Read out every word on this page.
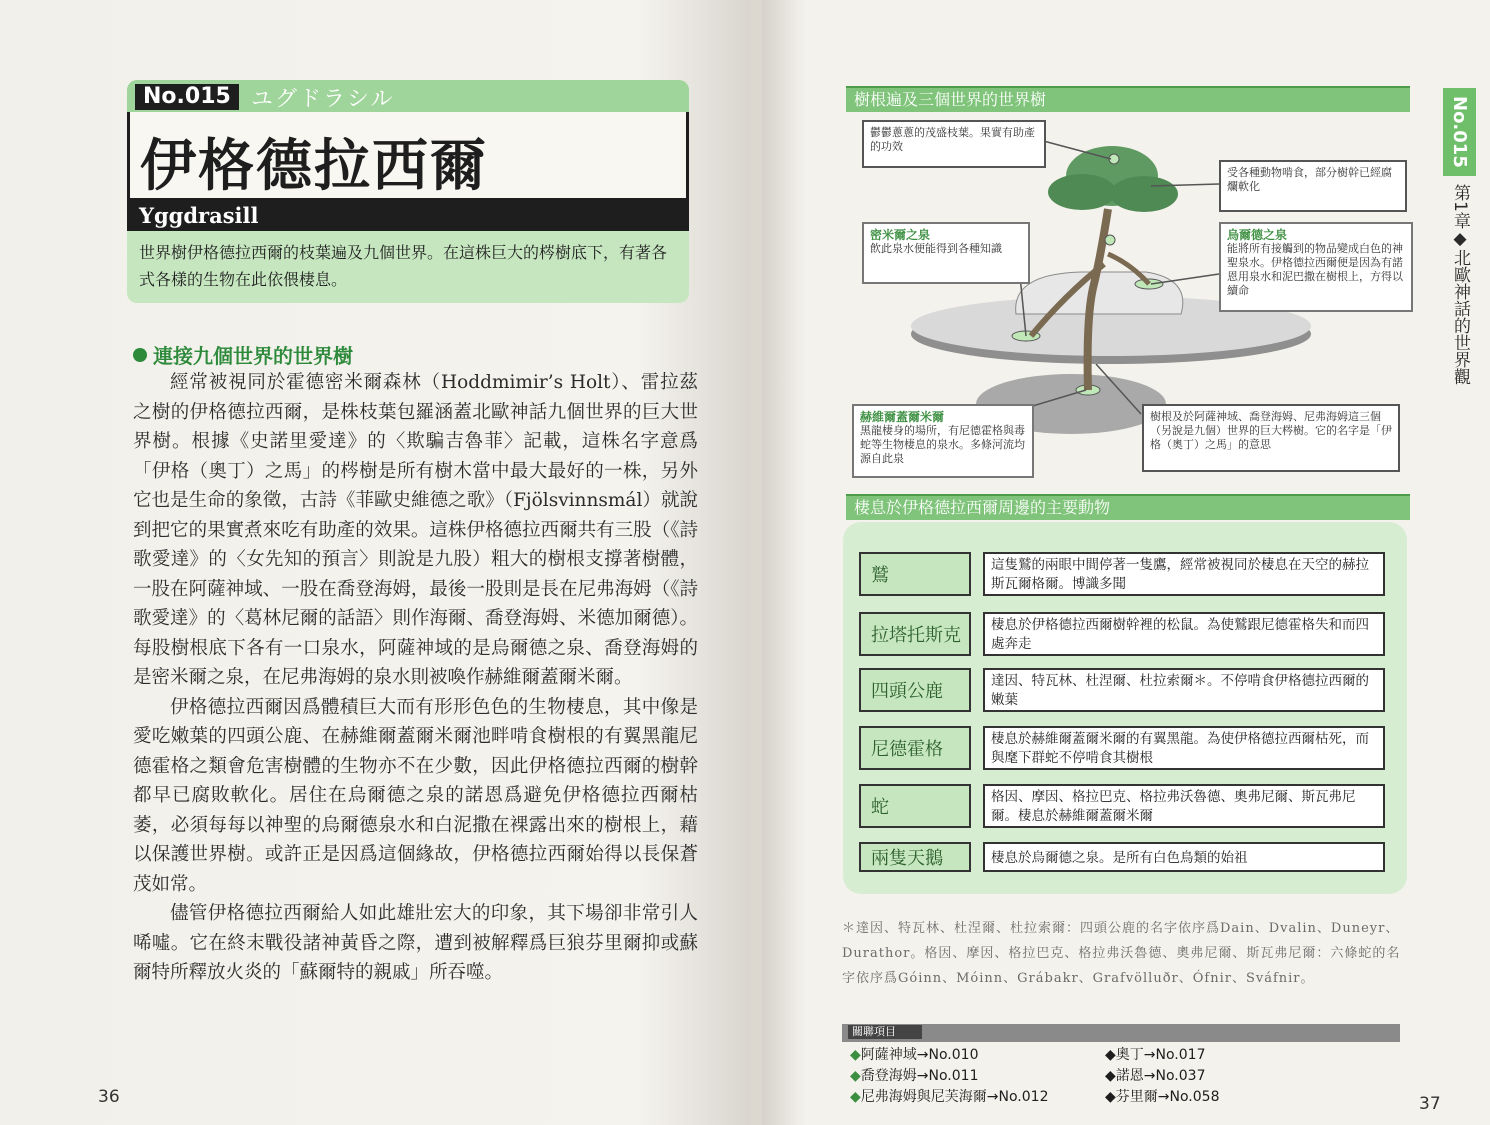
No.015 ユグドラシル
伊格德拉西爾
Yggdrasill
世界樹伊格德拉西爾的枝葉遍及九個世界。在這株巨大的梣樹底下，有著各式各樣的生物在此依偎棲息。
連接九個世界的世界樹

經常被視同於霍德密米爾森林（Hoddmimir’s Holt）、雷拉茲之樹的伊格德拉西爾，是株枝葉包羅涵蓋北歐神話九個世界的巨大世界樹。根據《史諾里愛達》的〈欺騙吉魯菲〉記載，這株名字意爲「伊格（奧丁）之馬」的梣樹是所有樹木當中最大最好的一株，另外它也是生命的象徵，古詩《菲歐史維德之歌》（Fjölsvinnsmál）就說到把它的果實煮來吃有助產的效果。這株伊格德拉西爾共有三股（《詩歌愛達》的〈女先知的預言〉則說是九股）粗大的樹根支撐著樹體，一股在阿薩神域、一股在喬登海姆，最後一股則是長在尼弗海姆（《詩歌愛達》的〈葛林尼爾的話語〉則作海爾、喬登海姆、米德加爾德）。每股樹根底下各有一口泉水，阿薩神域的是烏爾德之泉、喬登海姆的是密米爾之泉，在尼弗海姆的泉水則被喚作赫維爾蓋爾米爾。

伊格德拉西爾因爲體積巨大而有形形色色的生物棲息，其中像是愛吃嫩葉的四頭公鹿、在赫維爾蓋爾米爾池畔啃食樹根的有翼黑龍尼德霍格之類會危害樹體的生物亦不在少數，因此伊格德拉西爾的樹幹都早已腐敗軟化。居住在烏爾德之泉的諾恩爲避免伊格德拉西爾枯萎，必須每每以神聖的烏爾德泉水和白泥撒在裸露出來的樹根上，藉以保護世界樹。或許正是因爲這個緣故，伊格德拉西爾始得以長保蒼茂如常。

儘管伊格德拉西爾給人如此雄壯宏大的印象，其下場卻非常引人唏噓。它在終末戰役諸神黃昏之際，遭到被解釋爲巨狼芬里爾抑或蘇爾特所釋放火炎的「蘇爾特的親戚」所吞噬。

36
樹根遍及三個世界的世界樹
鬱鬱蔥蔥的茂盛枝葉。果實有助產的功效
受各種動物啃食，部分樹幹已經腐爛軟化
密米爾之泉
飲此泉水便能得到各種知識
烏爾德之泉
能將所有接觸到的物品變成白色的神聖泉水。伊格德拉西爾便是因為有諾恩用泉水和泥巴撒在樹根上，方得以續命
赫維爾蓋爾米爾
黑龍棲身的場所，有尼德霍格與毒蛇等生物棲息的泉水。多條河流均源自此泉
樹根及於阿薩神域、喬登海姆、尼弗海姆這三個（另說是九個）世界的巨大梣樹。它的名字是「伊格（奧丁）之馬」的意思
棲息於伊格德拉西爾周邊的主要動物
鷲	這隻鷲的兩眼中間停著一隻鷹，經常被視同於棲息在天空的赫拉斯瓦爾格爾。博識多聞
拉塔托斯克	棲息於伊格德拉西爾樹幹裡的松鼠。為使鷲跟尼德霍格失和而四處奔走
四頭公鹿	達因、特瓦林、杜涅爾、杜拉索爾＊。不停啃食伊格德拉西爾的嫩葉
尼德霍格	棲息於赫維爾蓋爾米爾的有翼黑龍。為使伊格德拉西爾枯死，而與麾下群蛇不停啃食其樹根
蛇	格因、摩因、格拉巴克、格拉弗沃魯德、奧弗尼爾、斯瓦弗尼爾。棲息於赫維爾蓋爾米爾
兩隻天鵝	棲息於烏爾德之泉。是所有白色鳥類的始祖
＊達因、特瓦林、杜涅爾、杜拉索爾：四頭公鹿的名字依序爲Dain、Dvalin、Duneyr、Durathor。格因、摩因、格拉巴克、格拉弗沃魯德、奧弗尼爾、斯瓦弗尼爾：六條蛇的名字依序爲Góinn、Móinn、Grábakr、Grafvölluðr、Ófnir、Sváfnir。
關聯項目
◆阿薩神域→No.010
◆喬登海姆→No.011
◆尼弗海姆與尼芙海爾→No.012
◆奧丁→No.017
◆諾恩→No.037
◆芬里爾→No.058
No.015
第1章◆北歐神話的世界觀
37
